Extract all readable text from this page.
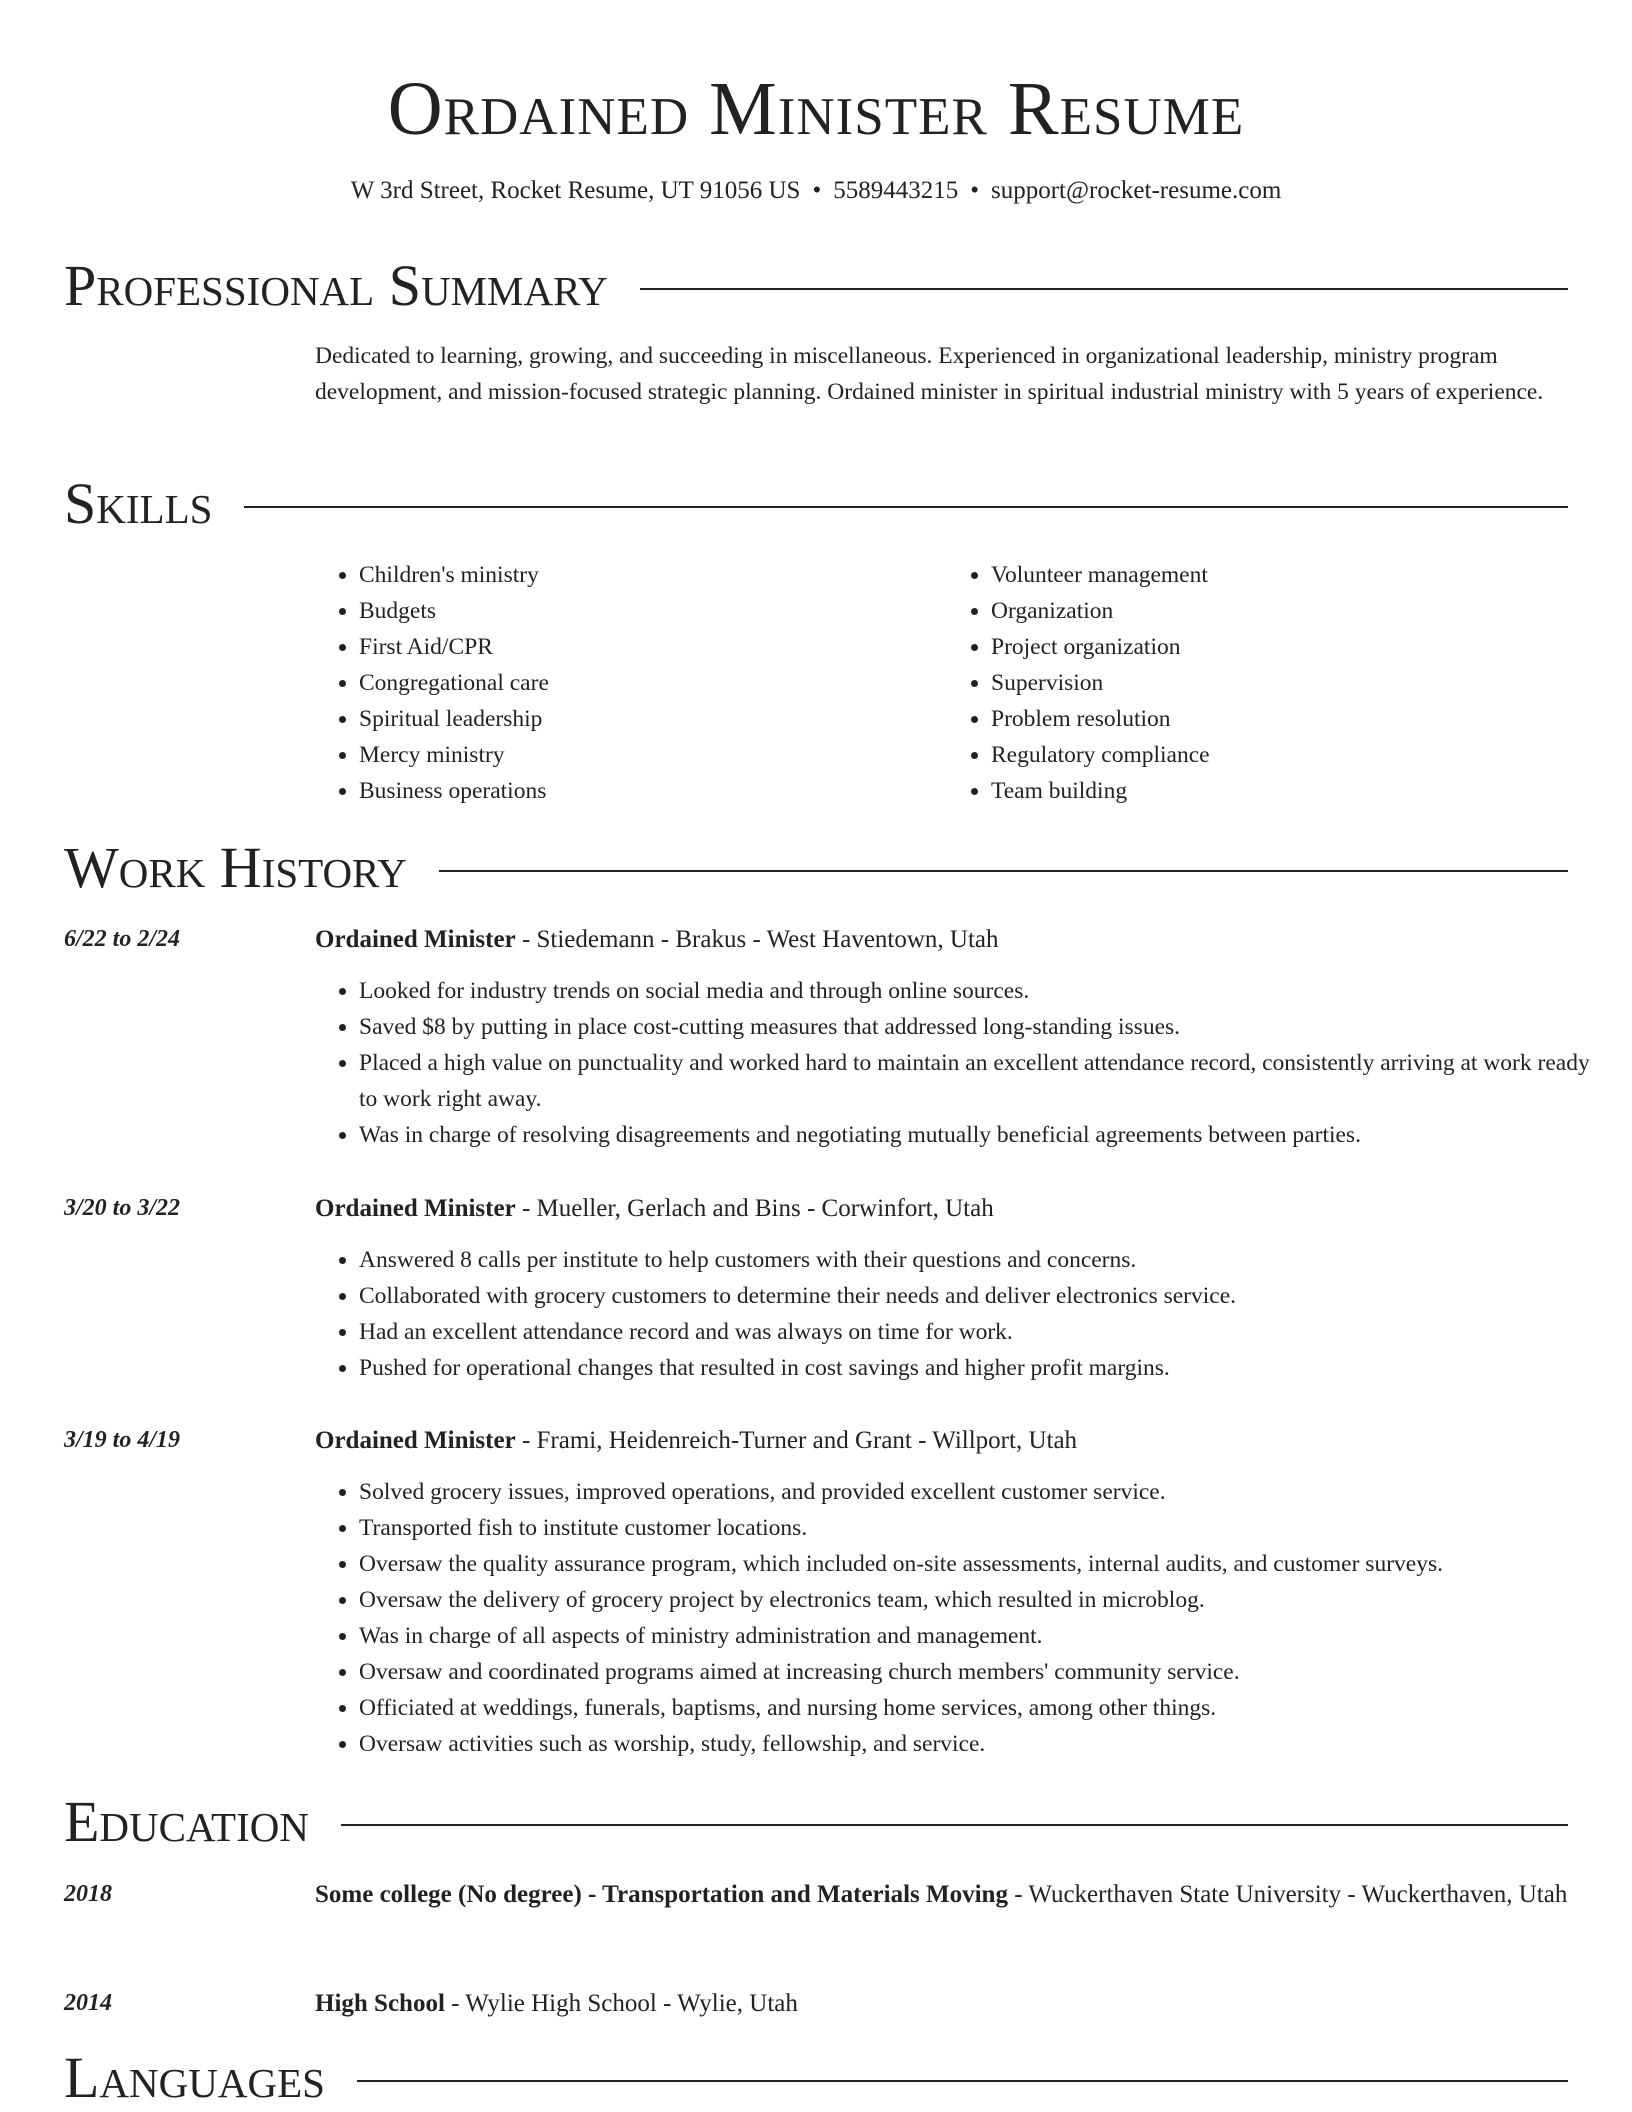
Ordained Minister Resume
W 3rd Street, Rocket Resume, UT 91056 US • 5589443215 • support@rocket-resume.com
Professional Summary

Dedicated to learning, growing, and succeeding in miscellaneous. Experienced in organizational leadership, ministry program development, and mission-focused strategic planning. Ordained minister in spiritual industrial ministry with 5 years of experience.

Skills
• Children's ministry
• Budgets
• First Aid/CPR
• Congregational care
• Spiritual leadership
• Mercy ministry
• Business operations
• Volunteer management
• Organization
• Project organization
• Supervision
• Problem resolution
• Regulatory compliance
• Team building
Work History
6/22 to 2/24	Ordained Minister - Stiedemann - Brakus - West Haventown, Utah
• Looked for industry trends on social media and through online sources.
• Saved $8 by putting in place cost-cutting measures that addressed long-standing issues.
• Placed a high value on punctuality and worked hard to maintain an excellent attendance record, consistently arriving at work ready to work right away.
• Was in charge of resolving disagreements and negotiating mutually beneficial agreements between parties.
3/20 to 3/22	Ordained Minister - Mueller, Gerlach and Bins - Corwinfort, Utah
• Answered 8 calls per institute to help customers with their questions and concerns.
• Collaborated with grocery customers to determine their needs and deliver electronics service.
• Had an excellent attendance record and was always on time for work.
• Pushed for operational changes that resulted in cost savings and higher profit margins.
3/19 to 4/19	Ordained Minister - Frami, Heidenreich-Turner and Grant - Willport, Utah
• Solved grocery issues, improved operations, and provided excellent customer service.
• Transported fish to institute customer locations.
• Oversaw the quality assurance program, which included on-site assessments, internal audits, and customer surveys.
• Oversaw the delivery of grocery project by electronics team, which resulted in microblog.
• Was in charge of all aspects of ministry administration and management.
• Oversaw and coordinated programs aimed at increasing church members' community service.
• Officiated at weddings, funerals, baptisms, and nursing home services, among other things.
• Oversaw activities such as worship, study, fellowship, and service.
Education
2018	Some college (No degree) - Transportation and Materials Moving - Wuckerthaven State University - Wuckerthaven, Utah
2014	High School - Wylie High School - Wylie, Utah
Languages
